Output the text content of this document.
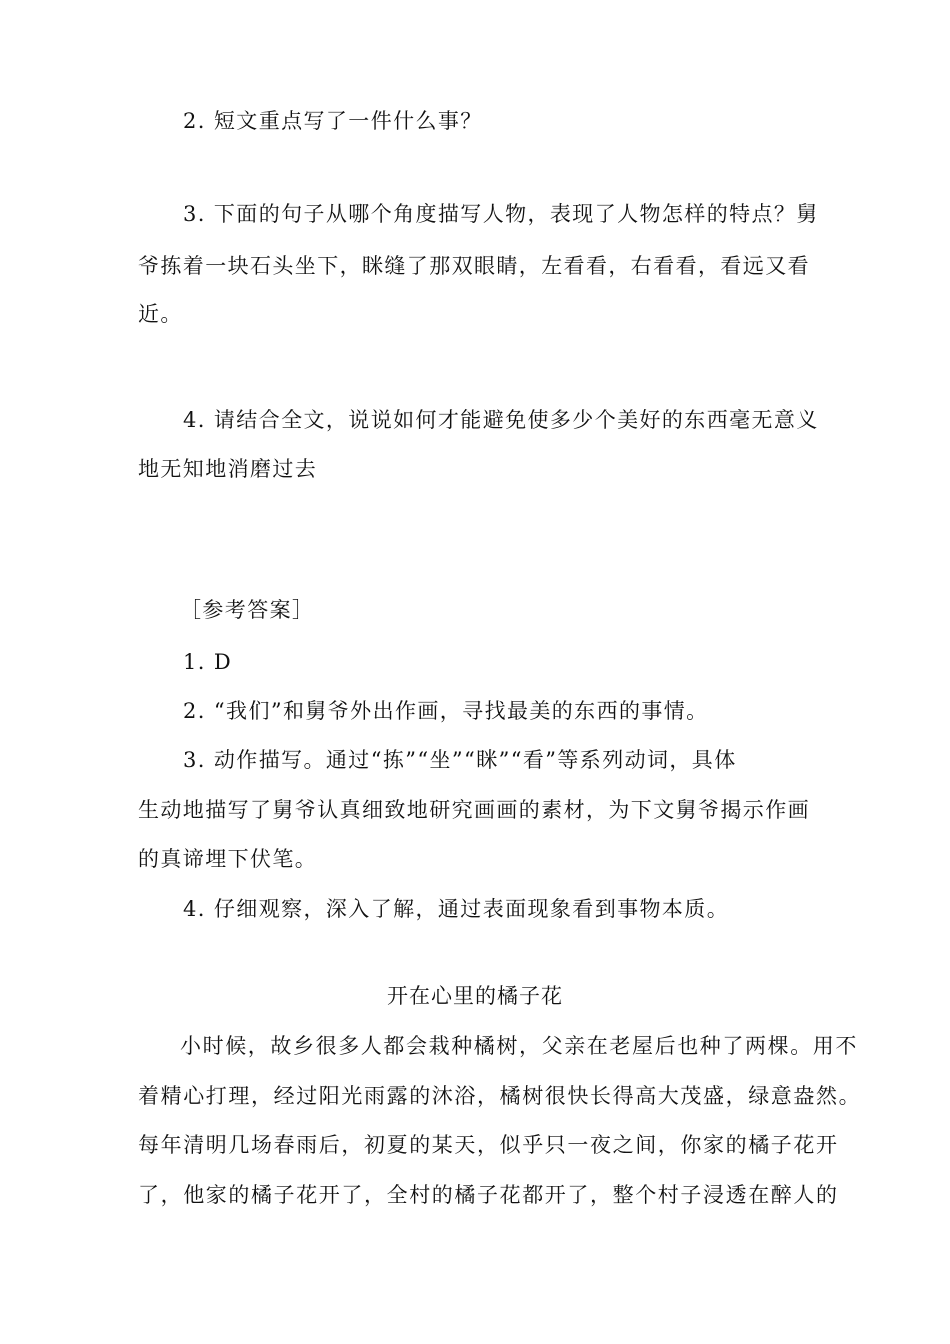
2. 短文重点写了一件什么事？
3. 下面的句子从哪个角度描写人物，表现了人物怎样的特点？舅
爷拣着一块石头坐下，眯缝了那双眼睛，左看看，右看看，看远又看
近。
4. 请结合全文，说说如何才能避免使多少个美好的东西毫无意义
地无知地消磨过去
［参考答案］
1. D
2. “我们”和舅爷外出作画，寻找最美的东西的事情。
3. 动作描写。通过“拣”“坐”“眯”“看”等系列动词，具体
生动地描写了舅爷认真细致地研究画画的素材，为下文舅爷揭示作画
的真谛埋下伏笔。
4. 仔细观察，深入了解，通过表面现象看到事物本质。
开在心里的橘子花
小时候，故乡很多人都会栽种橘树，父亲在老屋后也种了两棵。用不
着精心打理，经过阳光雨露的沐浴，橘树很快长得高大茂盛，绿意盎然。
每年清明几场春雨后，初夏的某天，似乎只一夜之间，你家的橘子花开
了，他家的橘子花开了，全村的橘子花都开了，整个村子浸透在醉人的
